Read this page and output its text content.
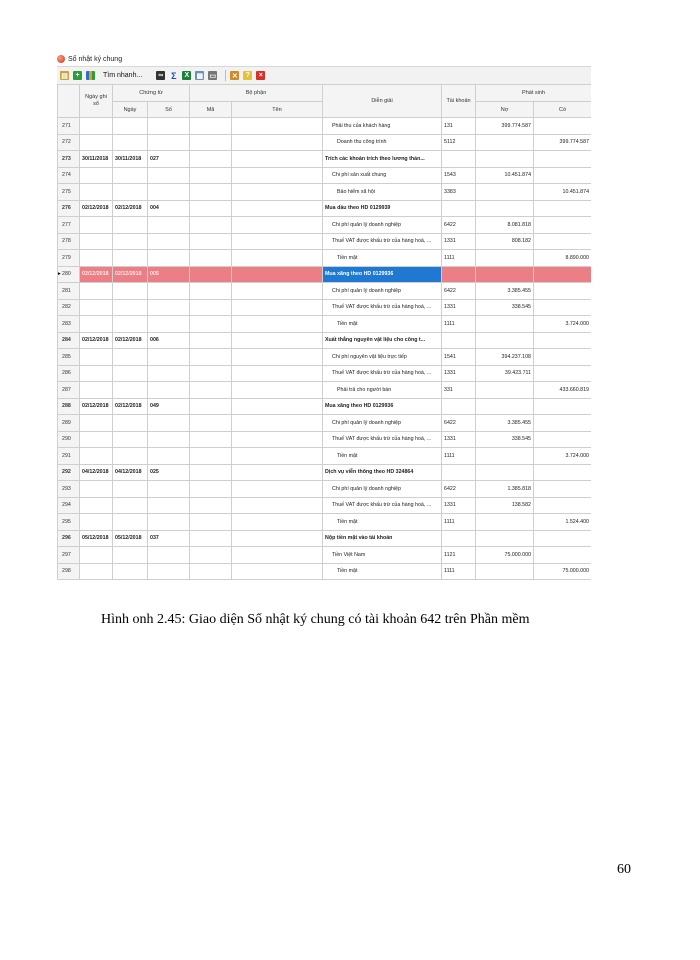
Sổ nhật ký chung
▤	+	Tìm nhanh... ∞ Σ	X	▦ ▭ ✕	?	×
	Ngày ghi sổ	Chứng từ		Bộ phận		Diễn giải	Tài khoản	Phát sinh	
		Ngày	Số	Mã	Tên			Nợ	Có
271						Phải thu của khách hàng	131	399.774.587	
272						Doanh thu công trình	5112		399.774.587
273	30/11/2018	30/11/2018	027			Trích các khoản trích theo lương thán...			
274						Chi phí sản xuất chung	1543	10.451.874	
275						Bảo hiểm xã hội	3383		10.451.874
276	02/12/2018	02/12/2018	004			Mua dầu theo HD 0129939			
277						Chi phí quản lý doanh nghiệp	6422	8.081.818	
278						Thuế VAT được khấu trừ của hàng hoá, ...	1331	808.182	
279						Tiền mặt	1111		8.890.000

▸ 280	02/12/2018	02/12/2018	005			Mua xăng theo HD 0129936			
281						Chi phí quản lý doanh nghiệp	6422	3.385.455	
282						Thuế VAT được khấu trừ của hàng hoá, ...	1331	338.545	
283						Tiền mặt	1111		3.724.000
284	02/12/2018	02/12/2018	006			Xuất thẳng nguyên vật liệu cho công t...			
285						Chi phí nguyên vật liệu trực tiếp	1541	394.237.108	
286						Thuế VAT được khấu trừ của hàng hoá, ...	1331	39.423.711	
287						Phải trả cho người bán	331		433.660.819
288	02/12/2018	02/12/2018	049			Mua xăng theo HD 0129936			
289						Chi phí quản lý doanh nghiệp	6422	3.385.455	
290						Thuế VAT được khấu trừ của hàng hoá, ...	1331	338.545	
291						Tiền mặt	1111		3.724.000
292	04/12/2018	04/12/2018	025			Dịch vụ viễn thông theo HD 324864			
293						Chi phí quản lý doanh nghiệp	6422	1.385.818	
294						Thuế VAT được khấu trừ của hàng hoá, ...	1331	138.582	
295						Tiền mặt	1111		1.524.400
296	05/12/2018	05/12/2018	037			Nộp tiền mặt vào tài khoản			
297						Tiền Việt Nam	1121	75.000.000	
298						Tiền mặt	1111		75.000.000
Hình onh 2.45: Giao diện Sổ nhật ký chung có tài khoản 642 trên Phần mềm
60
